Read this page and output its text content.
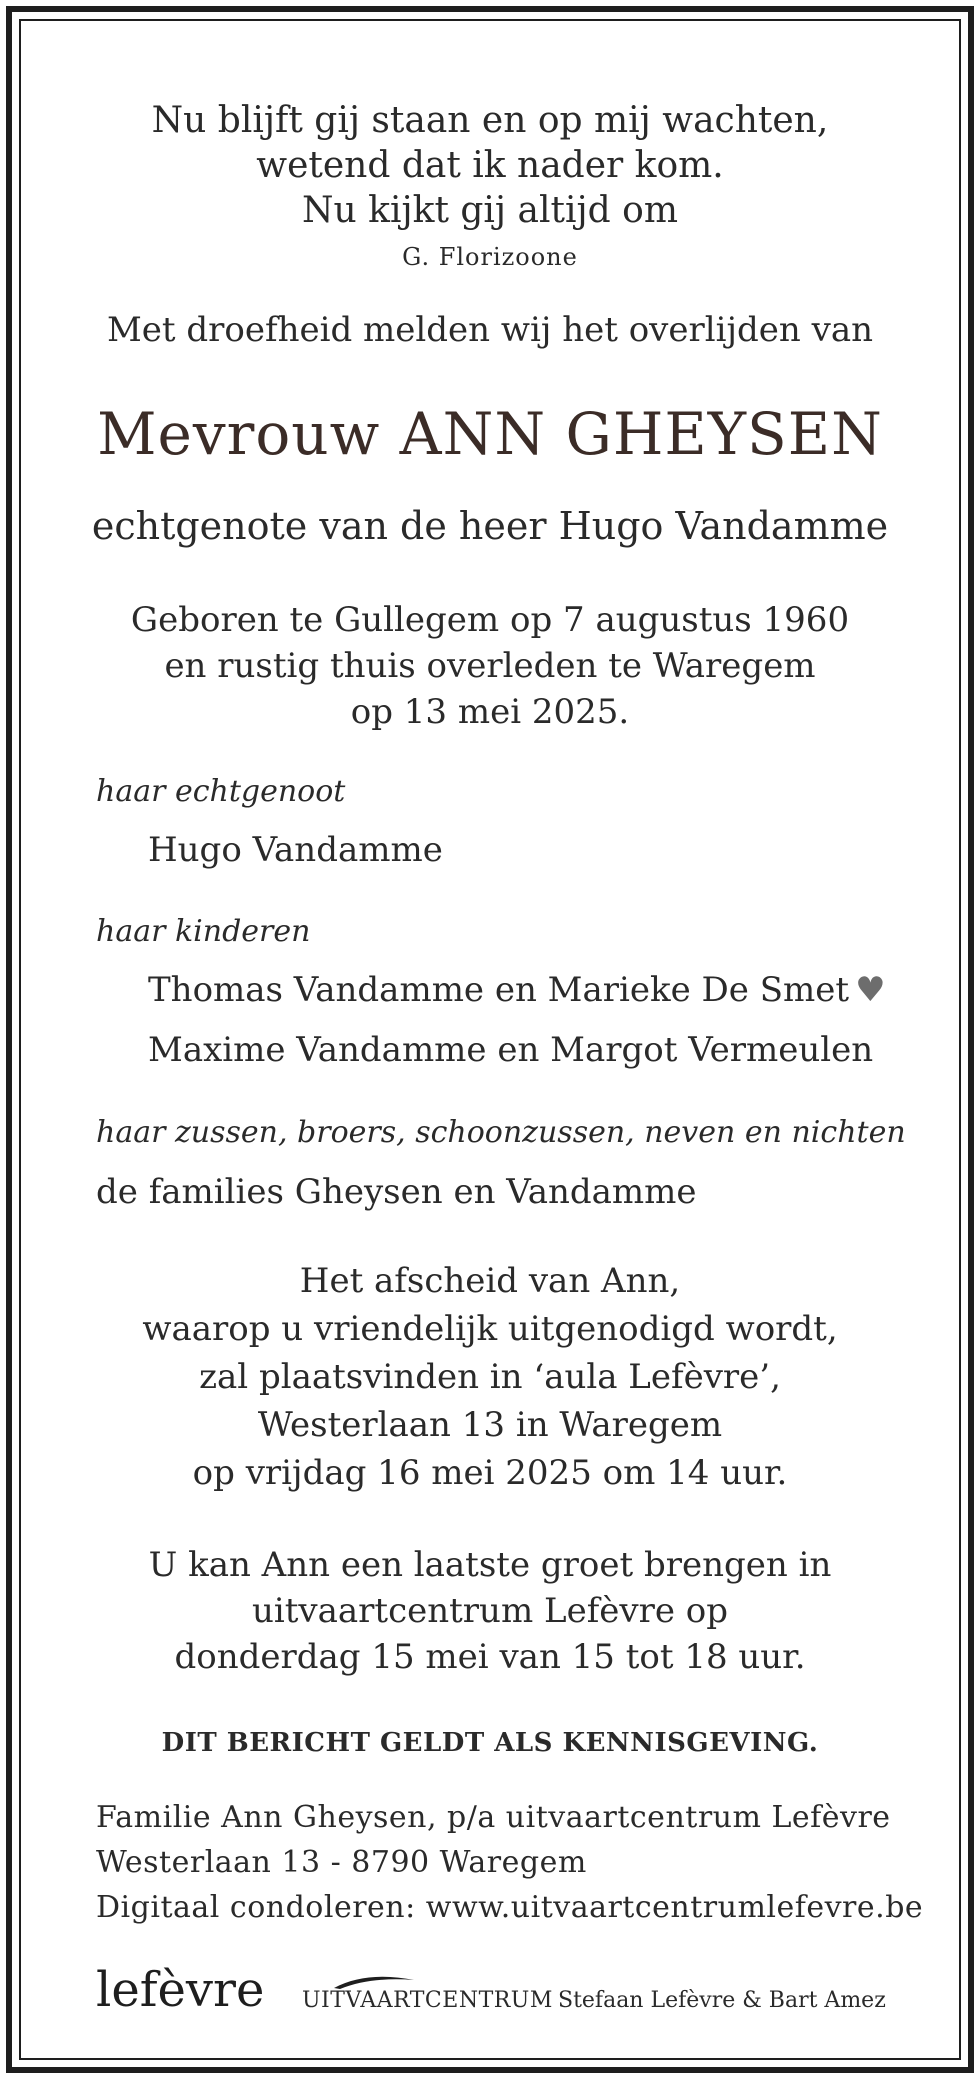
Nu blijft gij staan en op mij wachten,
wetend dat ik nader kom.
Nu kijkt gij altijd om
G. Florizoone
Met droefheid melden wij het overlijden van
Mevrouw ANN GHEYSEN
echtgenote van de heer Hugo Vandamme
Geboren te Gullegem op 7 augustus 1960
en rustig thuis overleden te Waregem
op 13 mei 2025.
haar echtgenoot
Hugo Vandamme
haar kinderen
Thomas Vandamme en Marieke De Smet ♥
Maxime Vandamme en Margot Vermeulen
haar zussen, broers, schoonzussen, neven en nichten
de families Gheysen en Vandamme
Het afscheid van Ann,
waarop u vriendelijk uitgenodigd wordt,
zal plaatsvinden in ‘aula Lefèvre’,
Westerlaan 13 in Waregem
op vrijdag 16 mei 2025 om 14 uur.
U kan Ann een laatste groet brengen in
uitvaartcentrum Lefèvre op
donderdag 15 mei van 15 tot 18 uur.
DIT BERICHT GELDT ALS KENNISGEVING.
Familie Ann Gheysen, p/a uitvaartcentrum Lefèvre
Westerlaan 13 - 8790 Waregem
Digitaal condoleren: www.uitvaartcentrumlefevre.be
lefèvre UITVAARTCENTRUM Stefaan Lefèvre & Bart Amez
